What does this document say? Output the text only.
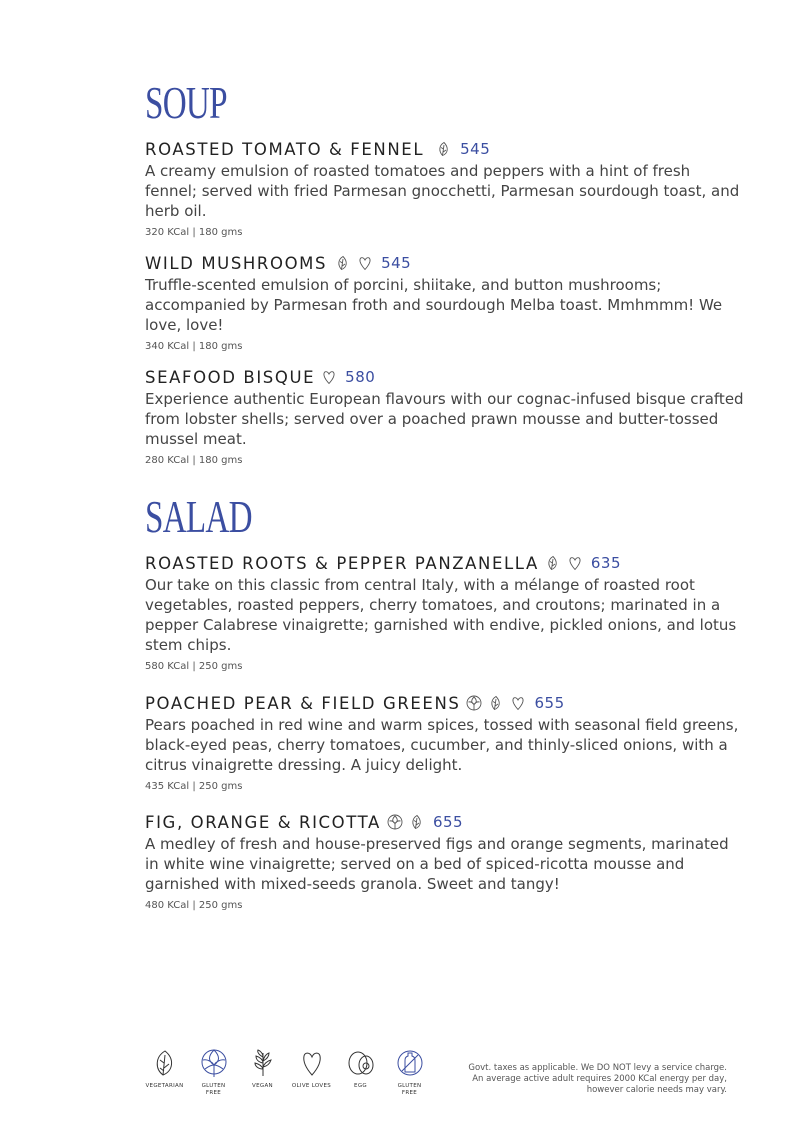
SOUP
ROASTED TOMATO & FENNEL 545
A creamy emulsion of roasted tomatoes and peppers with a hint of fresh fennel; served with fried Parmesan gnocchetti, Parmesan sourdough toast, and herb oil.
320 KCal | 180 gms
WILD MUSHROOMS	545
Truffle-scented emulsion of porcini, shiitake, and button mushrooms; accompanied by Parmesan froth and sourdough Melba toast. Mmhmmm! We love, love!
340 KCal | 180 gms
SEAFOOD BISQUE 580
Experience authentic European flavours with our cognac-infused bisque crafted from lobster shells; served over a poached prawn mousse and butter-tossed mussel meat.
280 KCal | 180 gms
SALAD
ROASTED ROOTS & PEPPER PANZANELLA	635
Our take on this classic from central Italy, with a mélange of roasted root vegetables, roasted peppers, cherry tomatoes, and croutons; marinated in a pepper Calabrese vinaigrette; garnished with endive, pickled onions, and lotus stem chips.
580 KCal | 250 gms
POACHED PEAR & FIELD GREENS	655
Pears poached in red wine and warm spices, tossed with seasonal field greens, black-eyed peas, cherry tomatoes, cucumber, and thinly-sliced onions, with a citrus vinaigrette dressing. A juicy delight.
435 KCal | 250 gms
FIG, ORANGE & RICOTTA	655
A medley of fresh and house-preserved figs and orange segments, marinated in white wine vinaigrette; served on a bed of spiced-ricotta mousse and garnished with mixed-seeds granola. Sweet and tangy!
480 KCal | 250 gms
VEGETARIAN	GLUTEN FREE
VEGAN	OLIVE LOVES	EGG	GLUTEN FREE
Govt. taxes as applicable. We DO NOT levy a service charge.
An average active adult requires 2000 KCal energy per day,
however calorie needs may vary.
